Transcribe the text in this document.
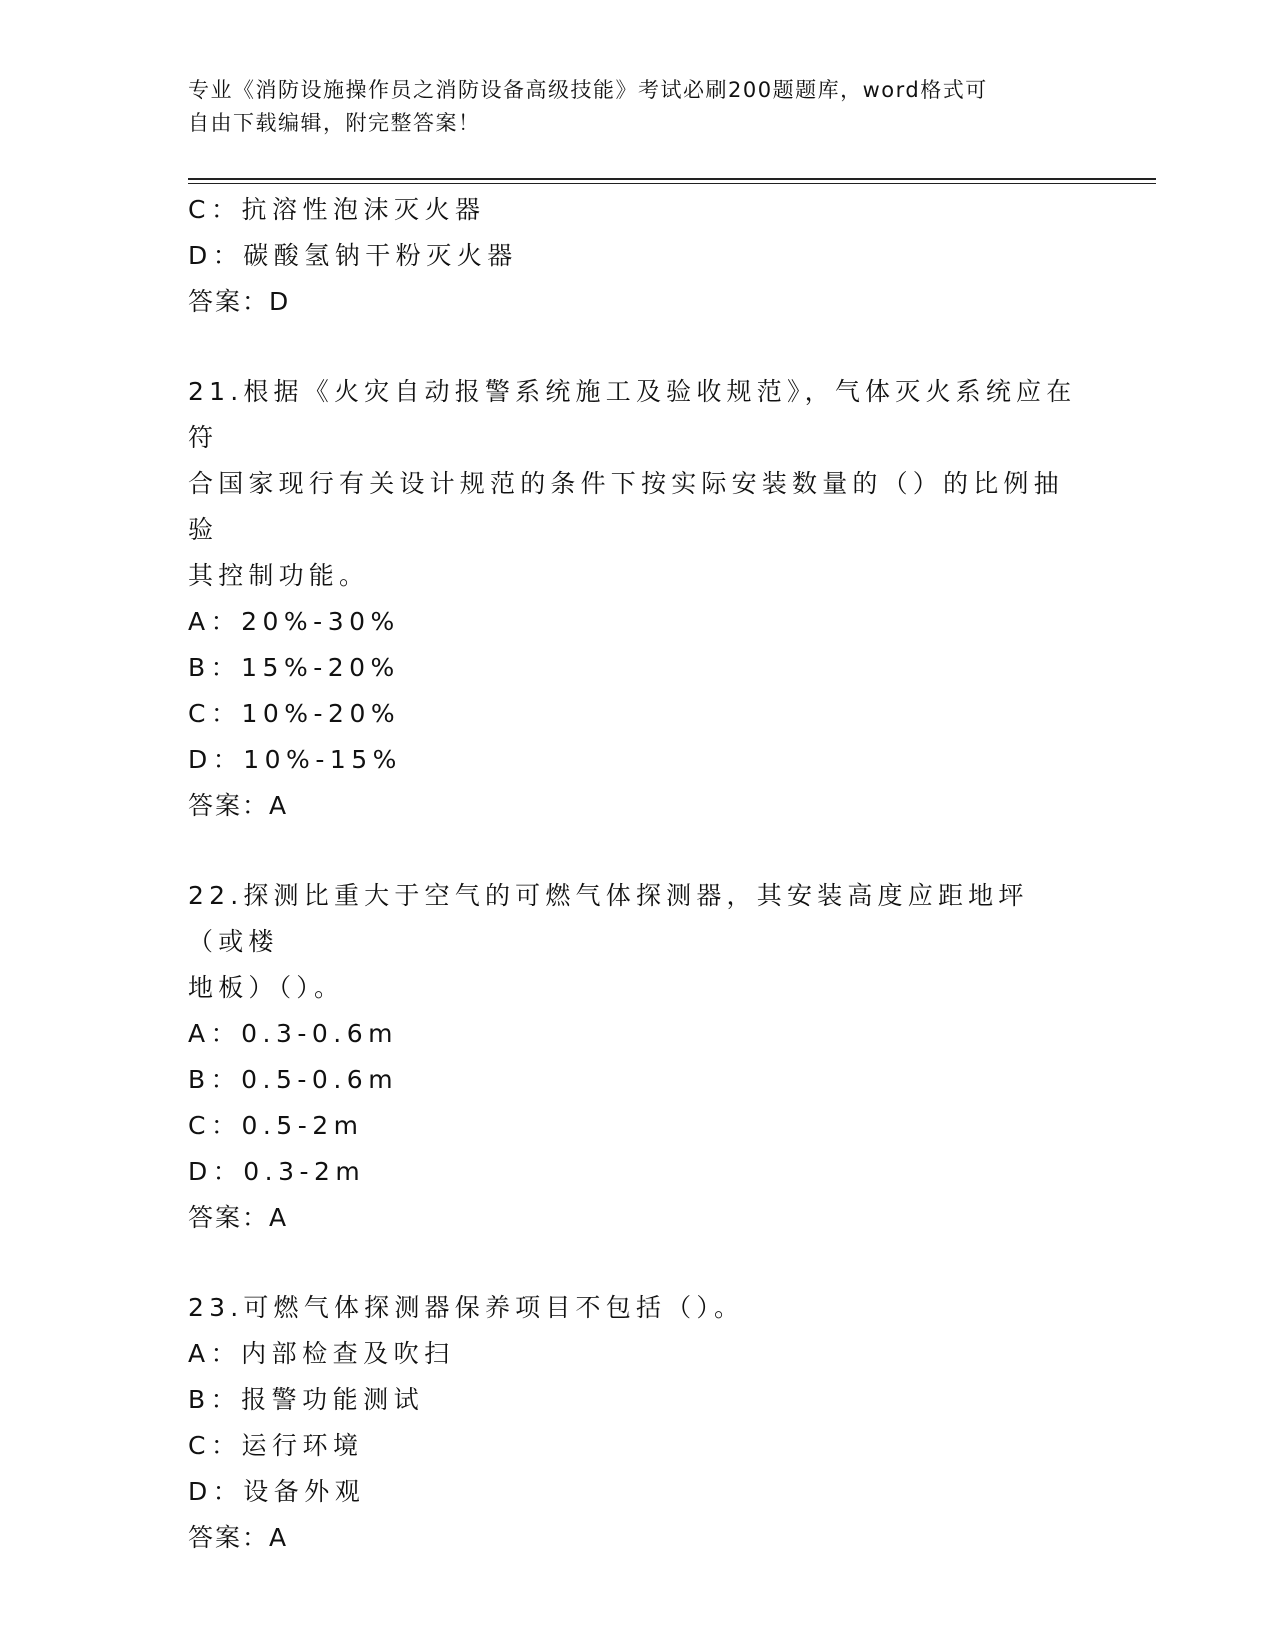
专业《消防设施操作员之消防设备高级技能》考试必刷200题题库，word格式可
自由下载编辑，附完整答案！
C：抗溶性泡沫灭火器
D：碳酸氢钠干粉灭火器
答案：D
21.根据《火灾自动报警系统施工及验收规范》，气体灭火系统应在符
合国家现行有关设计规范的条件下按实际安装数量的（）的比例抽验
其控制功能。
A：20%-30%
B：15%-20%
C：10%-20%
D：10%-15%
答案：A
22.探测比重大于空气的可燃气体探测器，其安装高度应距地坪（或楼
地板）（）。
A：0.3-0.6m
B：0.5-0.6m
C：0.5-2m
D：0.3-2m
答案：A
23.可燃气体探测器保养项目不包括（）。
A：内部检查及吹扫
B：报警功能测试
C：运行环境
D：设备外观
答案：A
